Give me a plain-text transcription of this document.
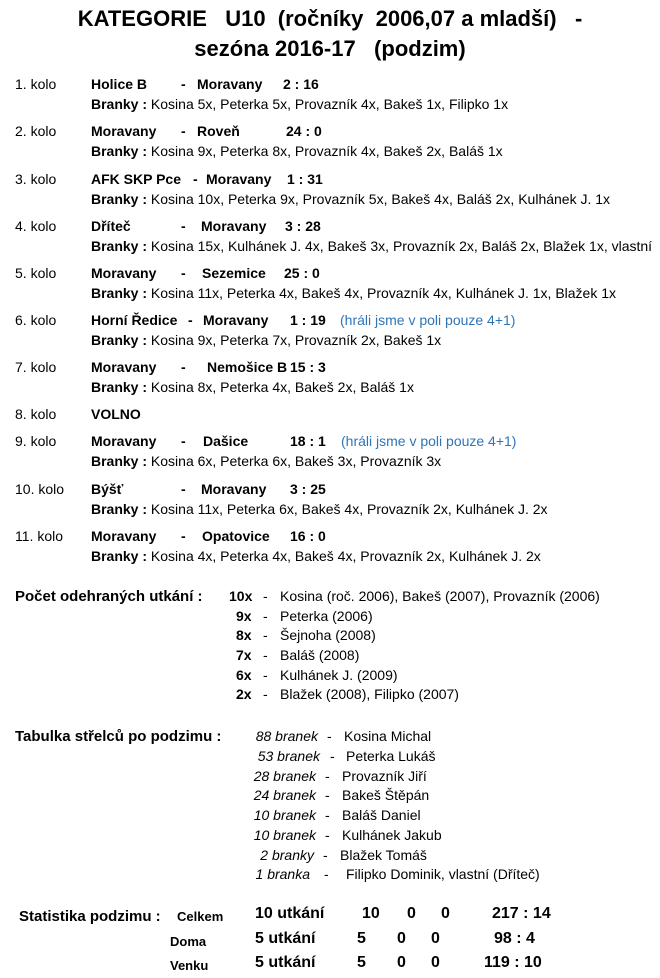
KATEGORIE   U10  (ročníky  2006,07 a mladší)   -
sezóna 2016-17   (podzim)
1. kolo Holice B - Moravany 2 : 16
Branky : Kosina 5x, Peterka 5x, Provazník 4x, Bakeš 1x, Filipko 1x
2. kolo Moravany - Roveň	24 : 0
Branky : Kosina 9x, Peterka 8x, Provazník 4x, Bakeš 2x, Baláš 1x
3. kolo AFK SKP Pce - Moravany 1 : 31
Branky : Kosina 10x, Peterka 9x, Provazník 5x, Bakeš 4x, Baláš 2x, Kulhánek J. 1x
4. kolo Dříteč	- Moravany 3 : 28
Branky : Kosina 15x, Kulhánek J. 4x, Bakeš 3x, Provazník 2x, Baláš 2x, Blažek 1x, vlastní
5. kolo Moravany - Sezemice 25 : 0
Branky : Kosina 11x, Peterka 4x, Bakeš 4x, Provazník 4x, Kulhánek J. 1x, Blažek 1x
6. kolo Horní Ředice - Moravany 1 : 19 (hráli jsme v poli pouze 4+1)
Branky : Kosina 9x, Peterka 7x, Provazník 2x, Bakeš 1x
7. kolo Moravany - Nemošice B 15 : 3
Branky : Kosina 8x, Peterka 4x, Bakeš 2x, Baláš 1x
8. kolo VOLNO
9. kolo Moravany - Dašice	18 : 1 (hráli jsme v poli pouze 4+1)
Branky : Kosina 6x, Peterka 6x, Bakeš 3x, Provazník 3x
10. kolo Býšť	- Moravany 3 : 25
Branky : Kosina 11x, Peterka 6x, Bakeš 4x, Provazník 2x, Kulhánek J. 2x
11. kolo Moravany - Opatovice 16 : 0
Branky : Kosina 4x, Peterka 4x, Bakeš 4x, Provazník 2x, Kulhánek J. 2x
Počet odehraných utkání : 10x - Kosina (roč. 2006), Bakeš (2007), Provazník (2006)
9x - Peterka (2006)
8x - Šejnoha (2008)
7x - Baláš (2008)
6x - Kulhánek J. (2009)
2x - Blažek (2008), Filipko (2007)
Tabulka střelců po podzimu :	88 branek - Kosina Michal
53 branek - Peterka Lukáš
28 branek - Provazník Jiří
24 branek - Bakeš Štěpán
10 branek - Baláš Daniel
10 branek - Kulhánek Jakub
2 branky - Blažek Tomáš
1 branka - Filipko Dominik, vlastní (Dříteč)
Statistika podzimu : Celkem 10 utkání 10 0 0	217 : 14
Doma	5 utkání	5 0 0	98 : 4
Venku	5 utkání	5 0 0	119 : 10
